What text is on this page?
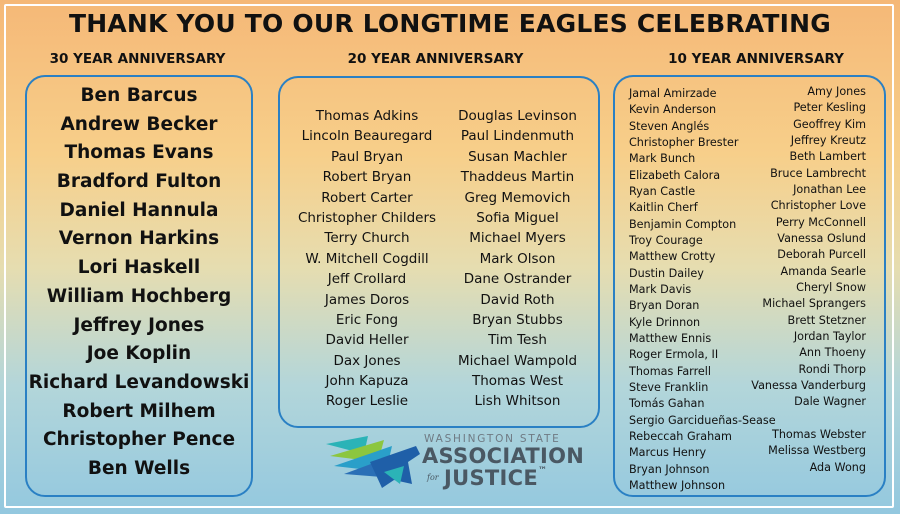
THANK YOU TO OUR LONGTIME EAGLES CELEBRATING
30 YEAR ANNIVERSARY	20 YEAR ANNIVERSARY	10 YEAR ANNIVERSARY
Ben Barcus
Andrew Becker
Thomas Evans
Bradford Fulton
Daniel Hannula
Vernon Harkins
Lori Haskell
William Hochberg
Jeffrey Jones
Joe Koplin
Richard Levandowski
Robert Milhem
Christopher Pence
Ben Wells
Thomas Adkins
Lincoln Beauregard
Paul Bryan
Robert Bryan
Robert Carter
Christopher Childers
Terry Church
W. Mitchell Cogdill
Jeff Crollard
James Doros
Eric Fong
David Heller
Dax Jones
John Kapuza
Roger Leslie
Douglas Levinson
Paul Lindenmuth
Susan Machler
Thaddeus Martin
Greg Memovich
Sofia Miguel
Michael Myers
Mark Olson
Dane Ostrander
David Roth
Bryan Stubbs
Tim Tesh
Michael Wampold
Thomas West
Lish Whitson
Jamal Amirzade
Kevin Anderson
Steven Anglés
Christopher Brester
Mark Bunch
Elizabeth Calora
Ryan Castle
Kaitlin Cherf
Benjamin Compton
Troy Courage
Matthew Crotty
Dustin Dailey
Mark Davis
Bryan Doran
Kyle Drinnon
Matthew Ennis
Roger Ermola, II
Thomas Farrell
Steve Franklin
Tomás Gahan
Sergio Garcidueñas-Sease
Rebeccah Graham
Marcus Henry
Bryan Johnson
Matthew Johnson
Amy Jones
Peter Kesling
Geoffrey Kim
Jeffrey Kreutz
Beth Lambert
Bruce Lambrecht
Jonathan Lee
Christopher Love
Perry McConnell
Vanessa Oslund
Deborah Purcell
Amanda Searle
Cheryl Snow
Michael Sprangers
Brett Stetzner
Jordan Taylor
Ann Thoeny
Rondi Thorp
Vanessa Vanderburg
Dale Wagner
Thomas Webster
Melissa Westberg
Ada Wong
WASHINGTON STATE
ASSOCIATION
for JUSTICE™
